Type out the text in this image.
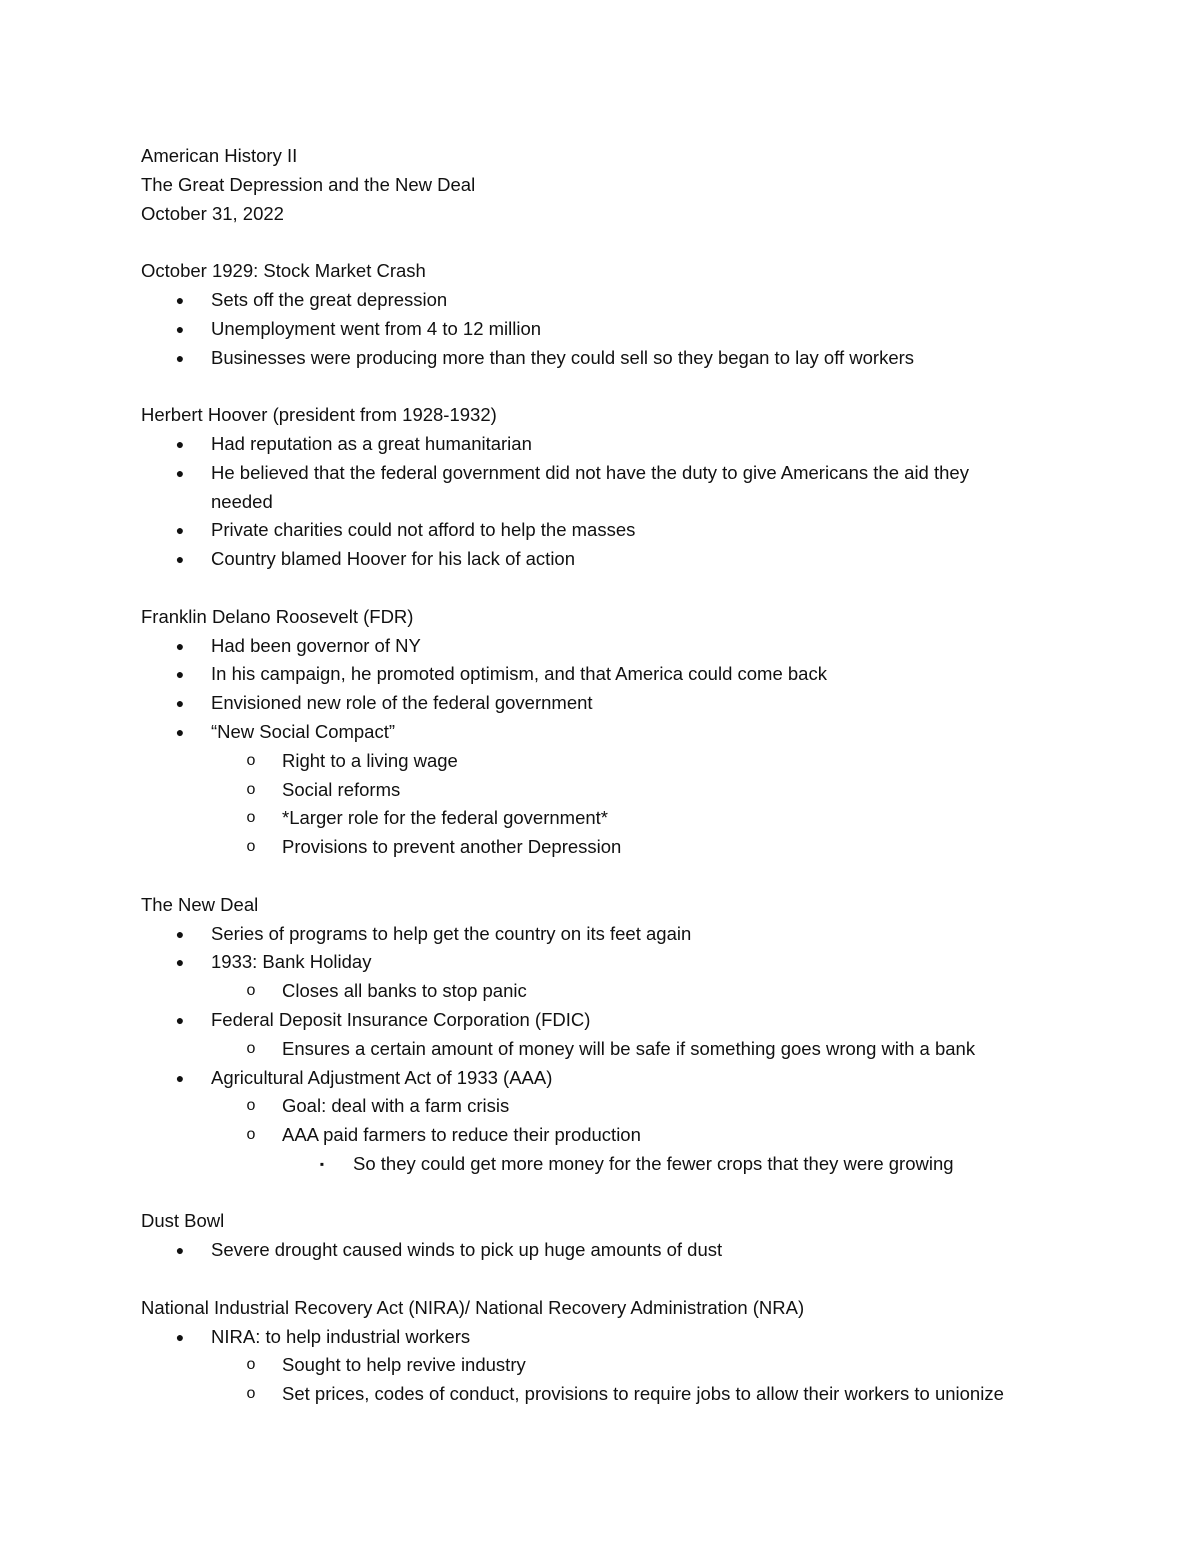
American History II
The Great Depression and the New Deal
October 31, 2022
October 1929: Stock Market Crash
●	Sets off the great depression
●	Unemployment went from 4 to 12 million
●	Businesses were producing more than they could sell so they began to lay off workers
Herbert Hoover (president from 1928-1932)
●	Had reputation as a great humanitarian
●	He believed that the federal government did not have the duty to give Americans the aid they
needed
●	Private charities could not afford to help the masses
●	Country blamed Hoover for his lack of action
Franklin Delano Roosevelt (FDR)
●	Had been governor of NY
●	In his campaign, he promoted optimism, and that America could come back
●	Envisioned new role of the federal government
●	“New Social Compact”
o Right to a living wage
o Social reforms
o *Larger role for the federal government*
o Provisions to prevent another Depression
The New Deal
●	Series of programs to help get the country on its feet again
●	1933: Bank Holiday
o Closes all banks to stop panic
●	Federal Deposit Insurance Corporation (FDIC)
o Ensures a certain amount of money will be safe if something goes wrong with a bank
●	Agricultural Adjustment Act of 1933 (AAA)
o Goal: deal with a farm crisis
o AAA paid farmers to reduce their production
▪	So they could get more money for the fewer crops that they were growing
Dust Bowl
●	Severe drought caused winds to pick up huge amounts of dust
National Industrial Recovery Act (NIRA)/ National Recovery Administration (NRA)
●	NIRA: to help industrial workers
o Sought to help revive industry
o Set prices, codes of conduct, provisions to require jobs to allow their workers to unionize
